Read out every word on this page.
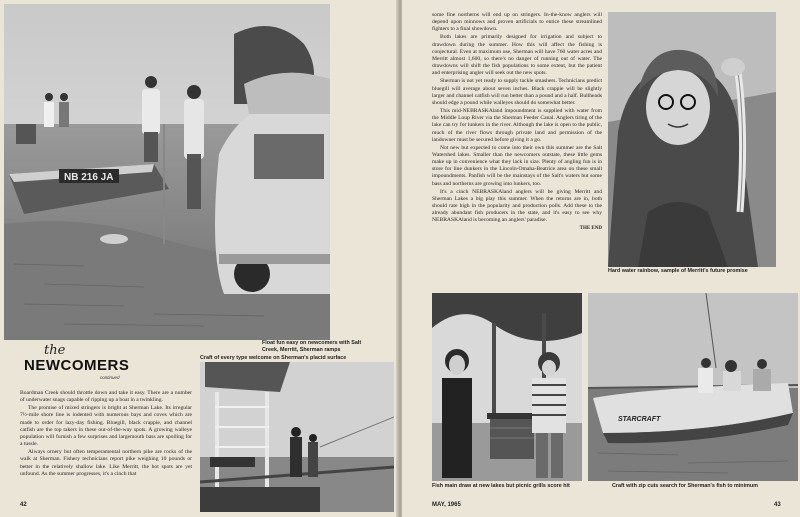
NB 216 JA
Float fun easy on newcomers with Salt Creek, Merritt, Sherman ramps
the
NEWCOMERS
continued

Boardman Creek should throttle down and take it easy. There are a number of underwater snags capable of ripping up a boat in a twinkling.

The promise of mixed stringers is bright at Sherman Lake. Its irregular 7½-mile shore line is indented with numerous bays and coves which are made to order for lazy-day fishing. Bluegill, black crappie, and channel catfish are the top takers in these out-of-the-way spots. A growing walleye population will furnish a few surprises and largemouth bass are spoiling for a tussle.

Always ornery but often temperamental northern pike are rocks of the walk at Sherman. Fishery technicians report pike weighing 10 pounds or better in the relatively shallow lake. Like Merritt, the hot spots are yet unfound. As the summer progresses, it's a cinch that

Craft of every type welcome on Sherman's placid surface
42

some fine northerns will end up on stringers. In-the-know anglers will depend upon minnows and proven artificials to entice these streamlined fighters to a final showdown.

Both lakes are primarily designed for irrigation and subject to drawdown during the summer. How this will affect the fishing is conjectural. Even at maximum use, Sherman will have 760 water acres and Merritt almost 1,600, so there's no danger of running out of water. The drawdowns will shift the fish populations to some extent, but the patient and enterprising angler will seek out the new spots.

Sherman is not yet ready to supply tackle smashers. Technicians predict bluegill will average about seven inches. Black crappie will be slightly larger and channel catfish will run better than a pound and a half. Bullheads should edge a pound while walleyes should do somewhat better.

This mid-NEBRASKAland impoundment is supplied with water from the Middle Loup River via the Sherman Feeder Canal. Anglers tiring of the lake can try for lunkers in the river. Although the lake is open to the public, much of the river flows through private land and permission of the landowner must be secured before giving it a go.

Not new but expected to come into their own this summer are the Salt Watershed lakes. Smaller than the newcomers outstate, these little gems make up in convenience what they lack in size. Plenty of angling fun is in store for line dunkers in the Lincoln-Omaha-Beatrice area on these small impoundments. Panfish will be the mainstays of the Salt's waters but some bass and northerns are growing into lunkers, too.

It's a cinch NEBRASKAland anglers will be giving Merritt and Sherman Lakes a big play this summer. When the returns are in, both should rate high in the popularity and production polls. Add these to the already abundant fish producers in the state, and it's easy to see why NEBRASKAland is becoming an anglers' paradise.

THE END
Hard water rainbow, sample of Merritt's future promise
Fish main draw at new lakes but picnic grills score hit
STARCRAFT
Craft with zip cuts search for Sherman's fish to minimum
MAY, 1965	43
